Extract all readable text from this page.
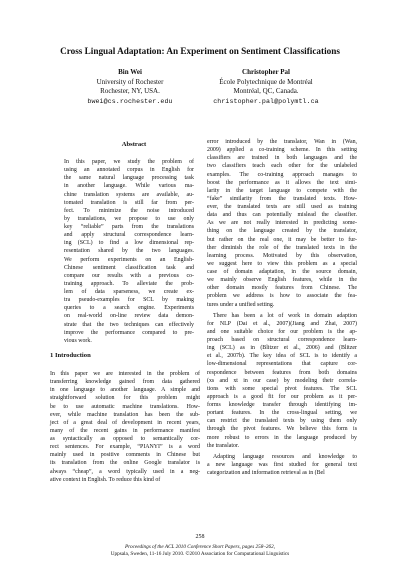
Cross Lingual Adaptation: An Experiment on Sentiment Classifications
Bin Wei
University of Rochester
Rochester, NY, USA.
bwei@cs.rochester.edu
Christopher Pal
École Polytechnique de Montréal
Montréal, QC, Canada.
christopher.pal@polymtl.ca
Abstract
In this paper, we study the problem of
using an annotated corpus in English for
the same natural language processing task
in another language. While various ma-
chine translation systems are available, au-
tomated translation is still far from per-
fect. To minimize the noise introduced
by translations, we propose to use only
key “reliable” parts from the translations
and apply structural correspondence learn-
ing (SCL) to find a low dimensional rep-
resentation shared by the two languages.
We perform experiments on an English-
Chinese sentiment classification task and
compare our results with a previous co-
training approach. To alleviate the prob-
lem of data sparseness, we create ex-
tra pseudo-examples for SCL by making
queries to a search engine. Experiments
on real-world on-line review data demon-
strate that the two techniques can effectively
improve the performance compared to pre-
vious work.
1 Introduction
In this paper we are interested in the problem of
transferring knowledge gained from data gathered
in one language to another language. A simple and
straightforward solution for this problem might
be to use automatic machine translations. How-
ever, while machine translation has been the sub-
ject of a great deal of development in recent years,
many of the recent gains in performance manifest
as syntactically as opposed to semantically cor-
rect sentences. For example, “PIANYI” is a word
mainly used in positive comments in Chinese but
its translation from the online Google translator is
always “cheap”, a word typically used in a neg-
ative context in English. To reduce this kind of
error introduced by the translator, Wan in (Wan,
2009) applied a co-training scheme. In this setting
classifiers are trained in both languages and the
two classifiers teach each other for the unlabeled
examples. The co-training approach manages to
boost the performance as it allows the text simi-
larity in the target language to compete with the
“fake” similarity from the translated texts. How-
ever, the translated texts are still used as training
data and thus can potentially mislead the classifier.
As we are not really interested in predicting some-
thing on the language created by the translator,
but rather on the real one, it may be better to fur-
ther diminish the role of the translated texts in the
learning process. Motivated by this observation,
we suggest here to view this problem as a special
case of domain adaptation, in the source domain,
we mainly observe English features, while in the
other domain mostly features from Chinese. The
problem we address is how to associate the fea-
tures under a unified setting.
There has been a lot of work in domain adaption
for NLP (Dai et al., 2007)(Jiang and Zhai, 2007)
and one suitable choice for our problem is the ap-
proach based on structural correspondence learn-
ing (SCL) as in (Blitzer et al., 2006) and (Blitzer
et al., 2007b). The key idea of SCL is to identify a
low-dimensional representations that capture cor-
respondence between features from both domains
(xs and xt in our case) by modeling their correla-
tions with some special pivot features. The SCL
approach is a good fit for our problem as it per-
forms knowledge transfer through identifying im-
portant features. In the cross-lingual setting, we
can restrict the translated texts by using them only
through the pivot features. We believe this form is
more robust to errors in the language produced by
the translator.
Adapting language resources and knowledge to
a new language was first studied for general text
categorization and information retrieval as in (Bel
258
Proceedings of the ACL 2010 Conference Short Papers, pages 258–262,
Uppsala, Sweden, 11-16 July 2010. ©2010 Association for Computational Linguistics
